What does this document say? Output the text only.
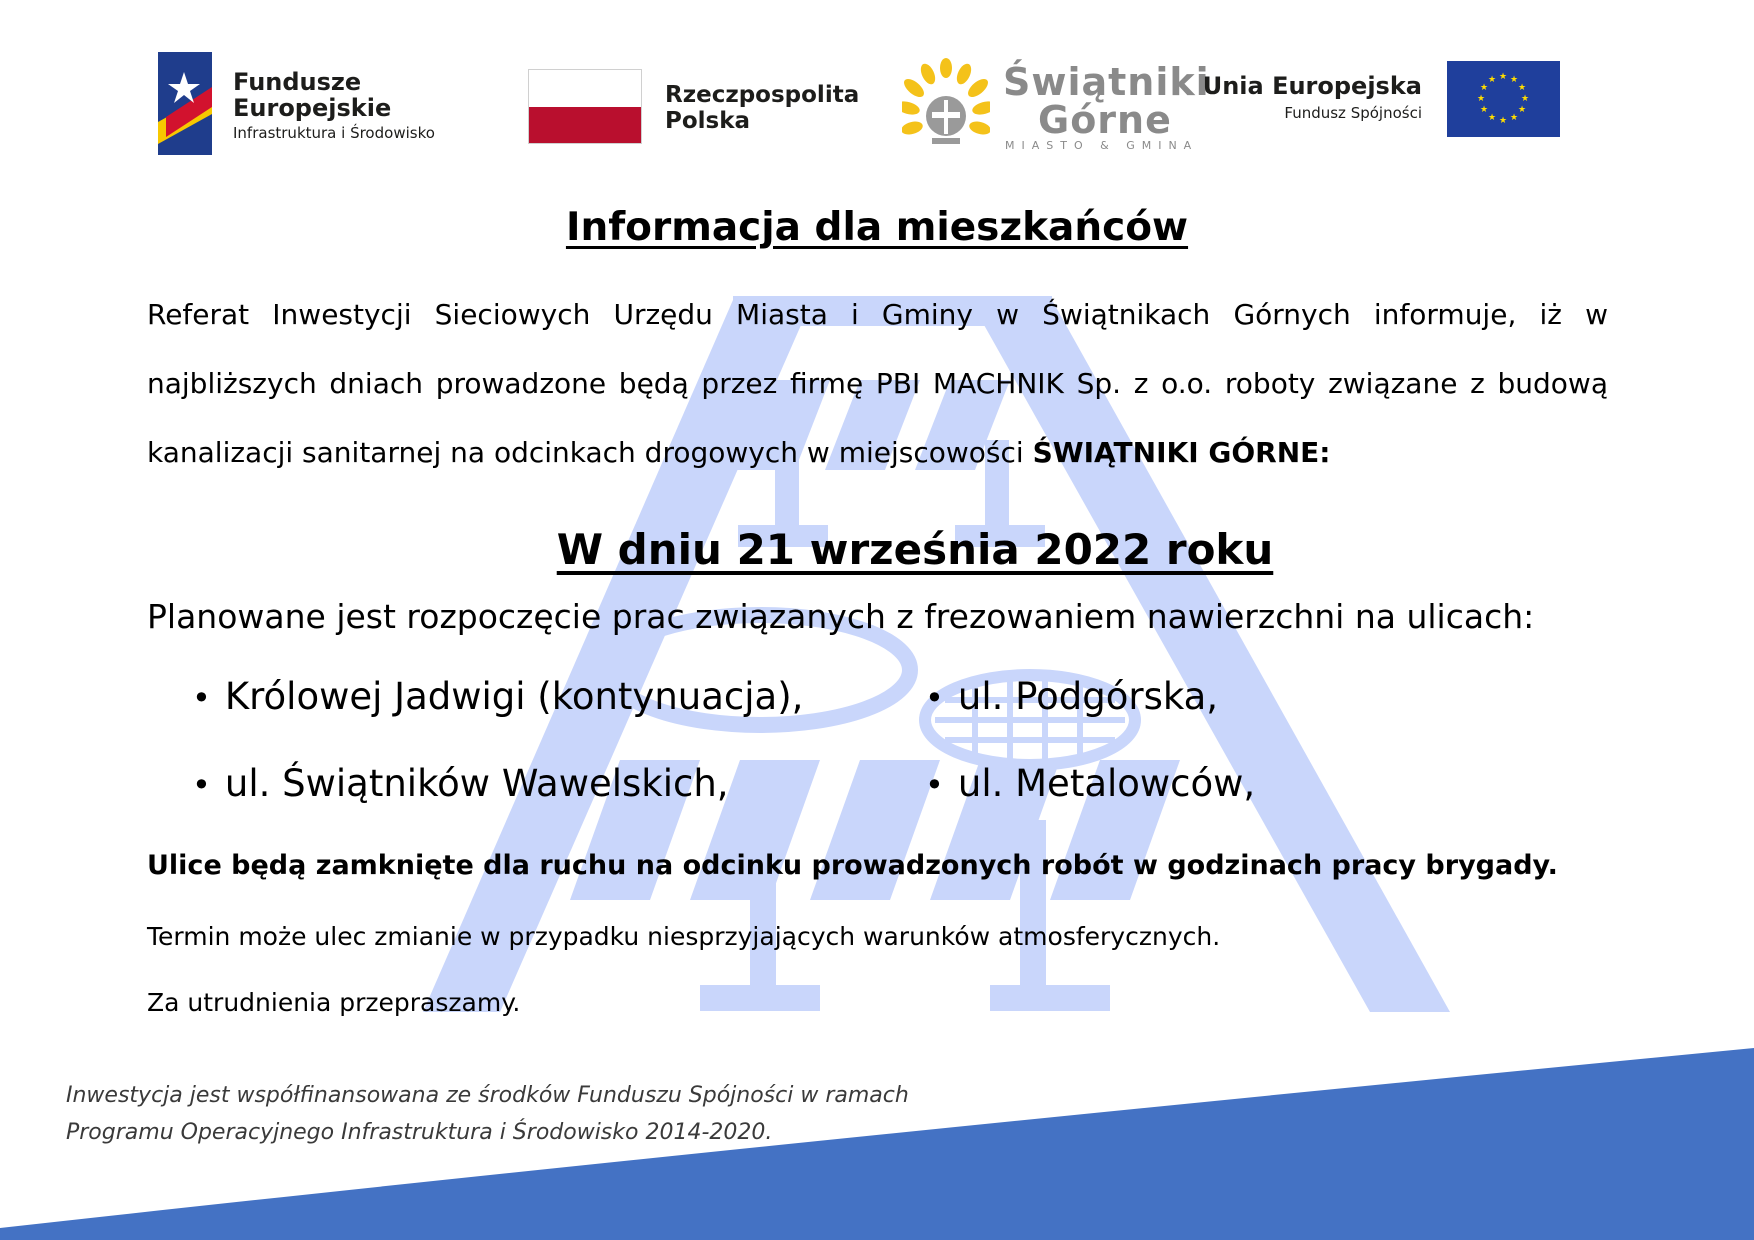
Fundusze
Europejskie
Infrastruktura i Środowisko
Rzeczpospolita
Polska
Świątniki
Górne
MIASTO & GMINA
Unia Europejska
Fundusz Spójności
★ ★
★
★
★
★
★
★
★
★
★
★
Informacja dla mieszkańców
Referat Inwestycji Sieciowych Urzędu Miasta i Gminy w Świątnikach Górnych informuje, iż w najbliższych dniach prowadzone będą przez firmę PBI MACHNIK Sp. z o.o. roboty związane z budową kanalizacji sanitarnej na odcinkach drogowych w miejscowości ŚWIĄTNIKI GÓRNE:
W dniu 21 września 2022 roku
Planowane jest rozpoczęcie prac związanych z frezowaniem nawierzchni na ulicach:
• Królowej Jadwigi (kontynuacja),	• ul. Podgórska,
• ul. Świątników Wawelskich,	• ul. Metalowców,
Ulice będą zamknięte dla ruchu na odcinku prowadzonych robót w godzinach pracy brygady.
Termin może ulec zmianie w przypadku niesprzyjających warunków atmosferycznych.
Za utrudnienia przepraszamy.
Inwestycja jest współfinansowana ze środków Funduszu Spójności w ramach
Programu Operacyjnego Infrastruktura i Środowisko 2014-2020.
